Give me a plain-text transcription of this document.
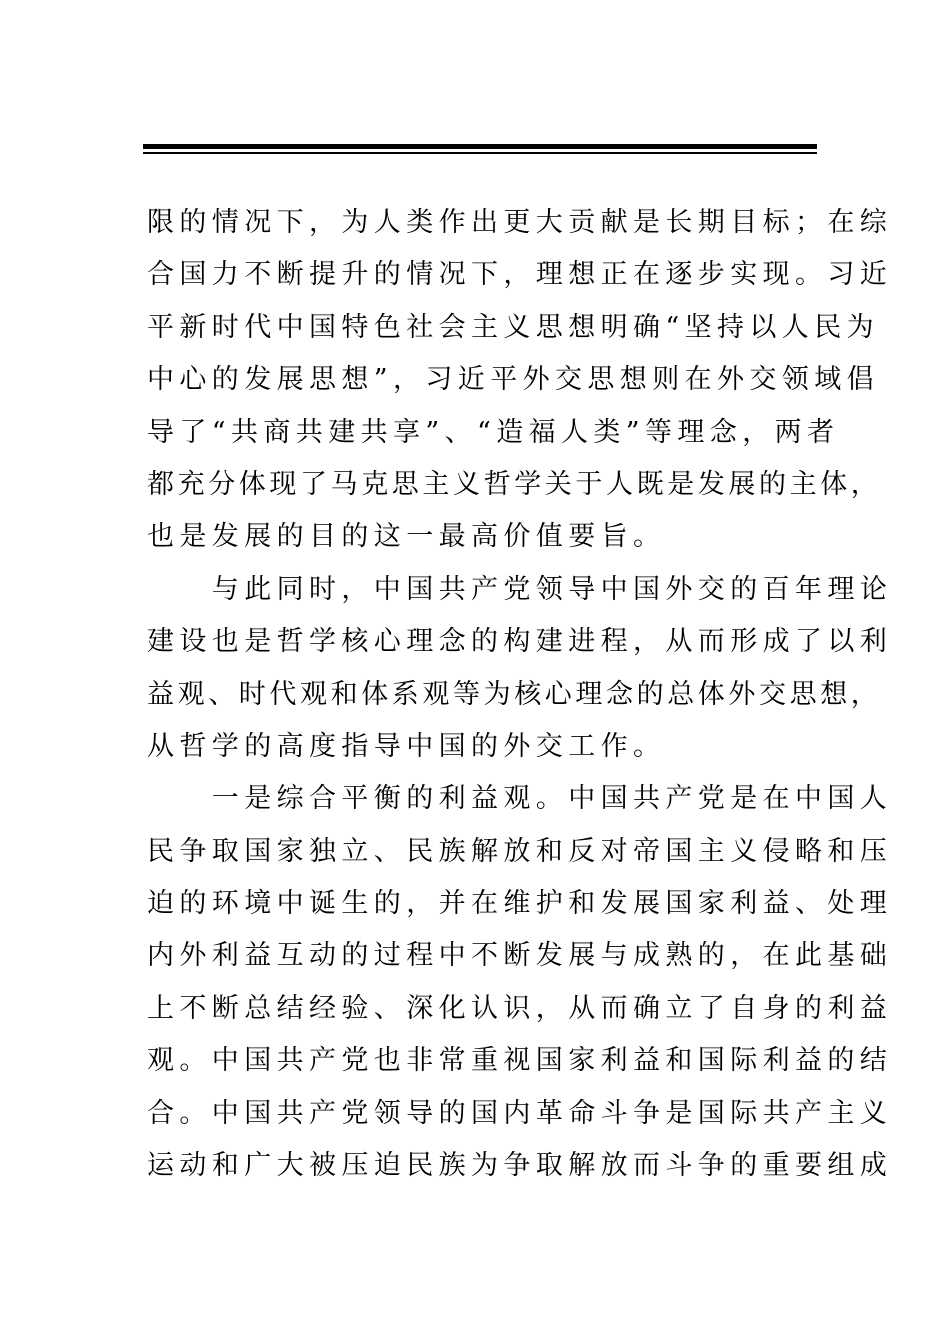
限的情况下，为人类作出更大贡献是长期目标；在综
合国力不断提升的情况下，理想正在逐步实现。习近
平新时代中国特色社会主义思想明确“坚持以人民为
中心的发展思想”，习近平外交思想则在外交领域倡
导了“共商共建共享”、“造福人类”等理念，两者
都充分体现了马克思主义哲学关于人既是发展的主体，
也是发展的目的这一最高价值要旨。
　　与此同时，中国共产党领导中国外交的百年理论
建设也是哲学核心理念的构建进程，从而形成了以利
益观、时代观和体系观等为核心理念的总体外交思想，
从哲学的高度指导中国的外交工作。
　　一是综合平衡的利益观。中国共产党是在中国人
民争取国家独立、民族解放和反对帝国主义侵略和压
迫的环境中诞生的，并在维护和发展国家利益、处理
内外利益互动的过程中不断发展与成熟的，在此基础
上不断总结经验、深化认识，从而确立了自身的利益
观。中国共产党也非常重视国家利益和国际利益的结
合。中国共产党领导的国内革命斗争是国际共产主义
运动和广大被压迫民族为争取解放而斗争的重要组成
